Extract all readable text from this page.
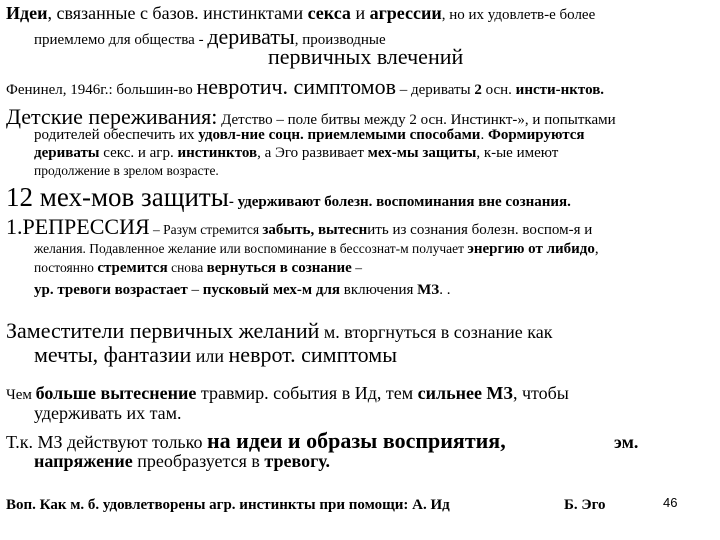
Идеи, связанные с базов. инстинктами секса и агрессии, но их удовлетв-е более
приемлемо для общества - дериваты, производные
первичных влечений
Фенинел, 1946г.: большин-во невротич. симптомов – дериваты 2 осн. инсти-нктов.
Детские переживания: Детство – поле битвы между 2 осн. Инстинкт-», и попытками
родителей обеспечить их удовл-ние соцн. приемлемыми способами. Формируются
дериваты секс. и агр. инстинктов, а Эго развивает мех-мы защиты, к-ые имеют
продолжение в зрелом возрасте.
12 мех-мов защиты- удерживают болезн. воспоминания вне сознания.
1.РЕПРЕССИЯ – Разум стремится забыть, вытеснить из сознания болезн. воспом-я и
желания. Подавленное желание или воспоминание в бессознат-м получает энергию от либидо,
постоянно стремится снова вернуться в сознание –
ур. тревоги возрастает – пусковый мех-м для включения МЗ. .
Заместители первичных желаний м. вторгнуться в сознание как
мечты, фантазии или неврот. симптомы
Чем больше вытеснение травмир. события в Ид, тем сильнее МЗ, чтобы
удерживать их там.
Т.к. МЗ действуют только на идеи и образы восприятия,	эм.
напряжение преобразуется в тревогу.
Воп. Как м. б. удовлетворены агр. инстинкты при помощи: А. Ид	Б. Эго	46
